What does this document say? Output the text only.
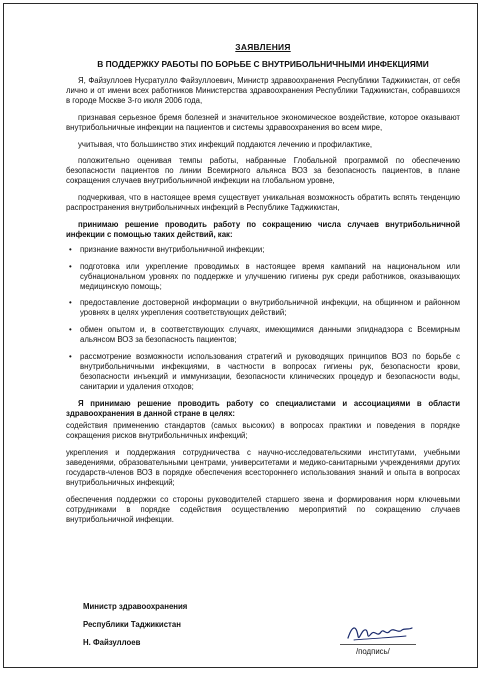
ЗАЯВЛЕНИЯ
В ПОДДЕРЖКУ РАБОТЫ ПО БОРЬБЕ С ВНУТРИБОЛЬНИЧНЫМИ ИНФЕКЦИЯМИ

Я, Файзуллоев Нусратулло Файзуллоевич, Министр здравоохранения Республики Таджикистан, от себя лично и от имени всех работников Министерства здравоохранения Республики Таджикистан, собравшихся в городе Москве 3-го июля 2006 года,

признавая серьезное бремя болезней и значительное экономическое воздействие, которое оказывают внутрибольничные инфекции на пациентов и системы здравоохранения во всем мире,

учитывая, что большинство этих инфекций поддаются лечению и профилактике,

положительно оценивая темпы работы, набранные Глобальной программой по обеспечению безопасности пациентов по линии Всемирного альянса ВОЗ за безопасность пациентов, в плане сокращения случаев внутрибольничной инфекции на глобальном уровне,

подчеркивая, что в настоящее время существует уникальная возможность обратить вспять тенденцию распространения внутрибольничных инфекций в Республике Таджикистан,

принимаю решение проводить работу по сокращению числа случаев внутрибольничной инфекции с помощью таких действий, как:

• признание важности внутрибольничной инфекции;
• подготовка или укрепление проводимых в настоящее время кампаний на национальном или субнациональном уровнях по поддержке и улучшению гигиены рук среди работников, оказывающих медицинскую помощь;
• предоставление достоверной информации о внутрибольничной инфекции, на общинном и районном уровнях в целях укрепления соответствующих действий;
• обмен опытом и, в соответствующих случаях, имеющимися данными эпиднадзора с Всемирным альянсом ВОЗ за безопасность пациентов;
• рассмотрение возможности использования стратегий и руководящих принципов ВОЗ по борьбе с внутрибольничными инфекциями, в частности в вопросах гигиены рук, безопасности крови, безопасности инъекций и иммунизации, безопасности клинических процедур и безопасности воды, санитарии и удаления отходов;

Я принимаю решение проводить работу со специалистами и ассоциациями в области здравоохранения в данной стране в целях:

содействия применению стандартов (самых высоких) в вопросах практики и поведения в порядке сокращения рисков внутрибольничных инфекций;

укрепления и поддержания сотрудничества с научно-исследовательскими институтами, учебными заведениями, образовательными центрами, университетами и медико-санитарными учреждениями других государств-членов ВОЗ в порядке обеспечения всестороннего использования знаний и опыта в вопросах внутрибольничных инфекций;

обеспечения поддержки со стороны руководителей старшего звена и формирования норм ключевыми сотрудниками в порядке содействия осуществлению мероприятий по сокращению случаев внутрибольничной инфекции.

Министр здравоохранения

Республики Таджикистан

Н. Файзуллоев

/подпись/
